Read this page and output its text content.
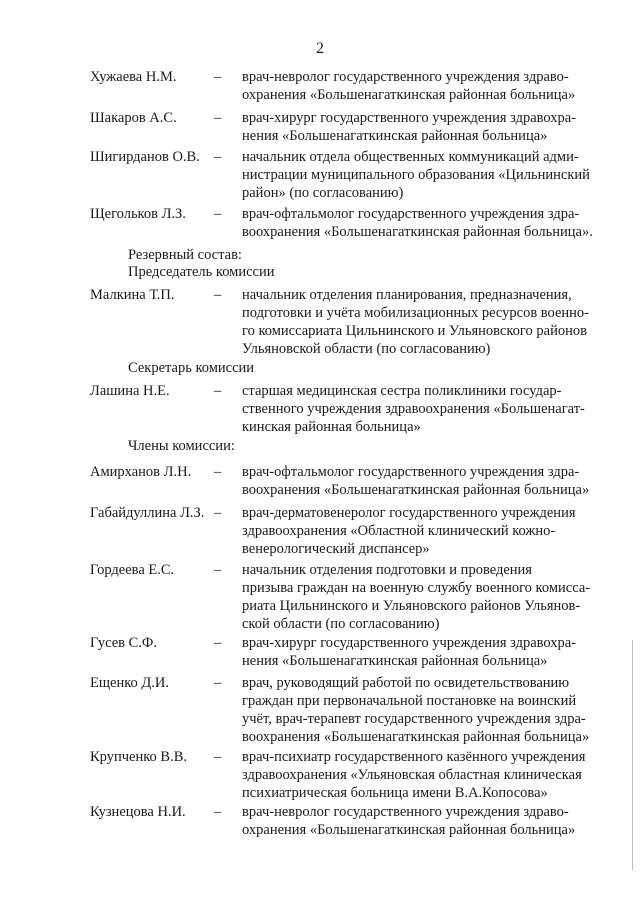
2
Хужаева Н.М.	– врач-невролог государственного учреждения здраво-
охранения «Большенагаткинская районная больница»
Шакаров А.С.	– врач-хирург государственного учреждения здравохра-
нения «Большенагаткинская районная больница»
Шигирданов О.В. – начальник отдела общественных коммуникаций адми-
нистрации муниципального образования «Цильнинский
район» (по согласованию)
Щегольков Л.З. – врач-офтальмолог государственного учреждения здра-
воохранения «Большенагаткинская районная больница».
Резервный состав:
Председатель комиссии
Малкина Т.П.	– начальник отделения планирования, предназначения,
подготовки и учёта мобилизационных ресурсов военно-
го комиссариата Цильнинского и Ульяновского районов
Ульяновской области (по согласованию)
Секретарь комиссии
Лашина Н.Е.	– старшая медицинская сестра поликлиники государ-
ственного учреждения здравоохранения «Большенагат-
кинская районная больница»
Члены комиссии:
Амирханов Л.Н. – врач-офтальмолог государственного учреждения здра-
воохранения «Большенагаткинская районная больница»
Габайдуллина Л.З. – врач-дерматовенеролог государственного учреждения
здравоохранения «Областной клинический кожно-
венерологический диспансер»
Гордеева Е.С.	– начальник отделения подготовки и проведения
призыва граждан на военную службу военного комисса-
риата Цильнинского и Ульяновского районов Ульянов-
ской области (по согласованию)
Гусев С.Ф.	– врач-хирург государственного учреждения здравохра-
нения «Большенагаткинская районная больница»
Ещенко Д.И.	– врач, руководящий работой по освидетельствованию
граждан при первоначальной постановке на воинский
учёт, врач-терапевт государственного учреждения здра-
воохранения «Большенагаткинская районная больница»
Крупченко В.В. – врач-психиатр государственного казённого учреждения
здравоохранения «Ульяновская областная клиническая
психиатрическая больница имени В.А.Копосова»
Кузнецова Н.И. – врач-невролог государственного учреждения здраво-
охранения «Большенагаткинская районная больница»
